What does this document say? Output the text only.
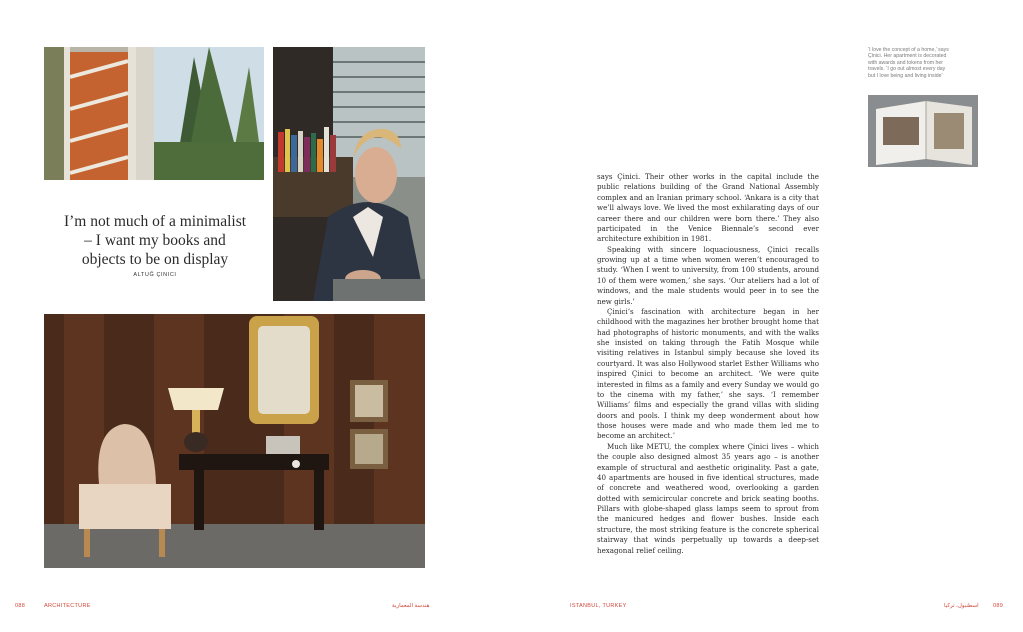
I’m not much of a minimalist
– I want my books and
objects to be on display
ALTUĞ ÇINICI
‘I love the concept of a home,’ says
Çinici. Her apartment is decorated
with awards and tokens from her
travels. ‘I go out almost every day
but I love being and living inside’

says Çinici. Their other works in the capital include the public relations building of the Grand National Assembly complex and an Iranian primary school. ‘Ankara is a city that we’ll always love. We lived the most exhilarating days of our career there and our children were born there.’ They also participated in the Venice Biennale’s second ever architecture exhibition in 1981.

Speaking with sincere loquaciousness, Çinici recalls growing up at a time when women weren’t encouraged to study. ‘When I went to university, from 100 students, around 10 of them were women,’ she says. ‘Our ateliers had a lot of windows, and the male students would peer in to see the new girls.’

Çinici’s fascination with architecture began in her childhood with the magazines her brother brought home that had photographs of historic monuments, and with the walks she insisted on taking through the Fatih Mosque while visiting relatives in Istanbul simply because she loved its courtyard. It was also Hollywood starlet Esther Williams who inspired Çinici to become an architect. ‘We were quite interested in films as a family and every Sunday we would go to the cinema with my father,’ she says. ‘I remember Williams’ films and especially the grand villas with sliding doors and pools. I think my deep wonderment about how those houses were made and who made them led me to become an architect.’

Much like METU, the complex where Çinici lives – which the couple also designed almost 35 years ago – is another example of structural and aesthetic originality. Past a gate, 40 apartments are housed in five identical structures, made of concrete and weathered wood, overlooking a garden dotted with semicircular concrete and brick seating booths. Pillars with globe-shaped glass lamps seem to sprout from the manicured hedges and flower bushes. Inside each structure, the most striking feature is the concrete spherical stairway that winds perpetually up towards a deep-set hexagonal relief ceiling.

088	ARCHITECTURE	هندسة المعمارية	ISTANBUL, TURKEY	اسطنبول، تركيا	089
